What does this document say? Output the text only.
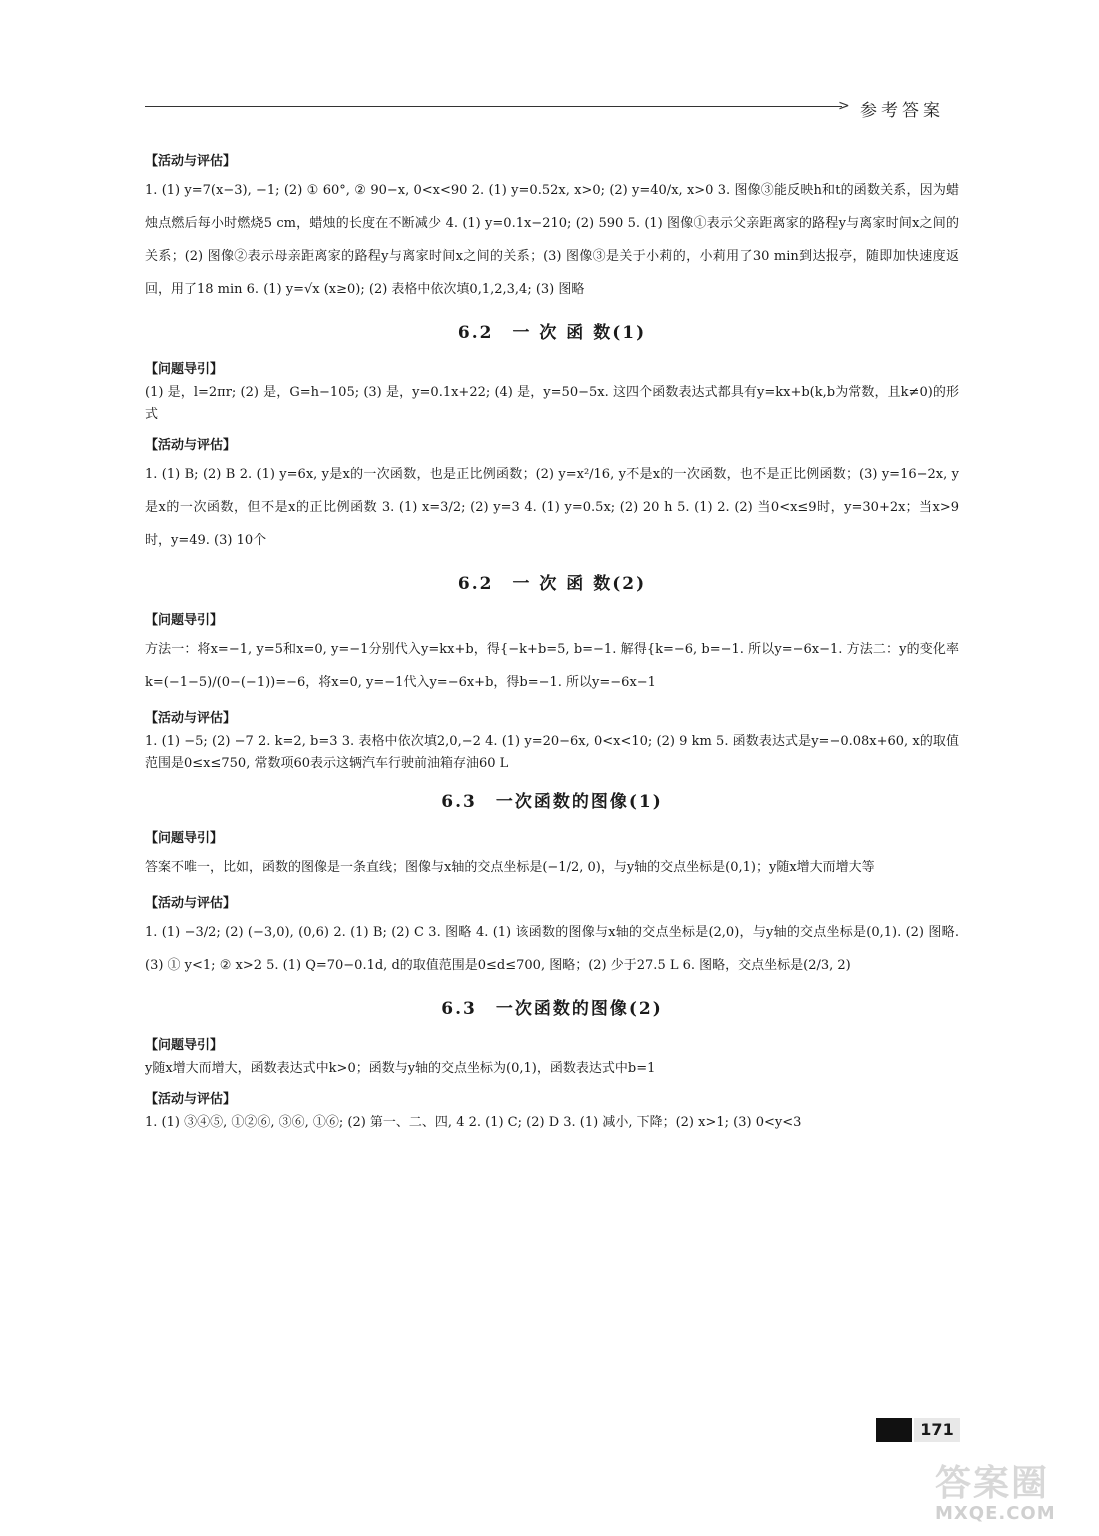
> 参考答案

【活动与评估】

1. (1) y=7(x−3), −1; (2) ① 60°, ② 90−x, 0<x<90 2. (1) y=0.52x, x>0; (2) y=40/x, x>0 3. 图像③能反映h和t的函数关系，因为蜡烛点燃后每小时燃烧5 cm，蜡烛的长度在不断减少 4. (1) y=0.1x−210; (2) 590 5. (1) 图像①表示父亲距离家的路程y与离家时间x之间的关系；(2) 图像②表示母亲距离家的路程y与离家时间x之间的关系；(3) 图像③是关于小莉的，小莉用了30 min到达报亭，随即加快速度返回，用了18 min 6. (1) y=√x (x≥0); (2) 表格中依次填0,1,2,3,4; (3) 图略

6.2　一 次 函 数(1)

【问题导引】

(1) 是，l=2πr; (2) 是，G=h−105; (3) 是，y=0.1x+22; (4) 是，y=50−5x. 这四个函数表达式都具有y=kx+b(k,b为常数，且k≠0)的形式

【活动与评估】

1. (1) B; (2) B 2. (1) y=6x, y是x的一次函数，也是正比例函数；(2) y=x²/16, y不是x的一次函数，也不是正比例函数；(3) y=16−2x, y是x的一次函数，但不是x的正比例函数 3. (1) x=3/2; (2) y=3 4. (1) y=0.5x; (2) 20 h 5. (1) 2. (2) 当0<x≤9时，y=30+2x；当x>9时，y=49. (3) 10个

6.2　一 次 函 数(2)

【问题导引】

方法一：将x=−1, y=5和x=0, y=−1分别代入y=kx+b，得{−k+b=5, b=−1. 解得{k=−6, b=−1. 所以y=−6x−1. 方法二：y的变化率k=(−1−5)/(0−(−1))=−6，将x=0, y=−1代入y=−6x+b，得b=−1. 所以y=−6x−1

【活动与评估】

1. (1) −5; (2) −7 2. k=2, b=3 3. 表格中依次填2,0,−2 4. (1) y=20−6x, 0<x<10; (2) 9 km 5. 函数表达式是y=−0.08x+60, x的取值范围是0≤x≤750, 常数项60表示这辆汽车行驶前油箱存油60 L

6.3　一次函数的图像(1)

【问题导引】

答案不唯一，比如，函数的图像是一条直线；图像与x轴的交点坐标是(−1/2, 0)，与y轴的交点坐标是(0,1)；y随x增大而增大等

【活动与评估】

1. (1) −3/2; (2) (−3,0), (0,6) 2. (1) B; (2) C 3. 图略 4. (1) 该函数的图像与x轴的交点坐标是(2,0)，与y轴的交点坐标是(0,1). (2) 图略. (3) ① y<1; ② x>2 5. (1) Q=70−0.1d, d的取值范围是0≤d≤700, 图略；(2) 少于27.5 L 6. 图略，交点坐标是(2/3, 2)

6.3　一次函数的图像(2)

【问题导引】

y随x增大而增大，函数表达式中k>0；函数与y轴的交点坐标为(0,1)，函数表达式中b=1

【活动与评估】

1. (1) ③④⑤, ①②⑥, ③⑥, ①⑥; (2) 第一、二、四, 4 2. (1) C; (2) D 3. (1) 减小, 下降；(2) x>1; (3) 0<y<3

171
答案圈
MXQE.COM
